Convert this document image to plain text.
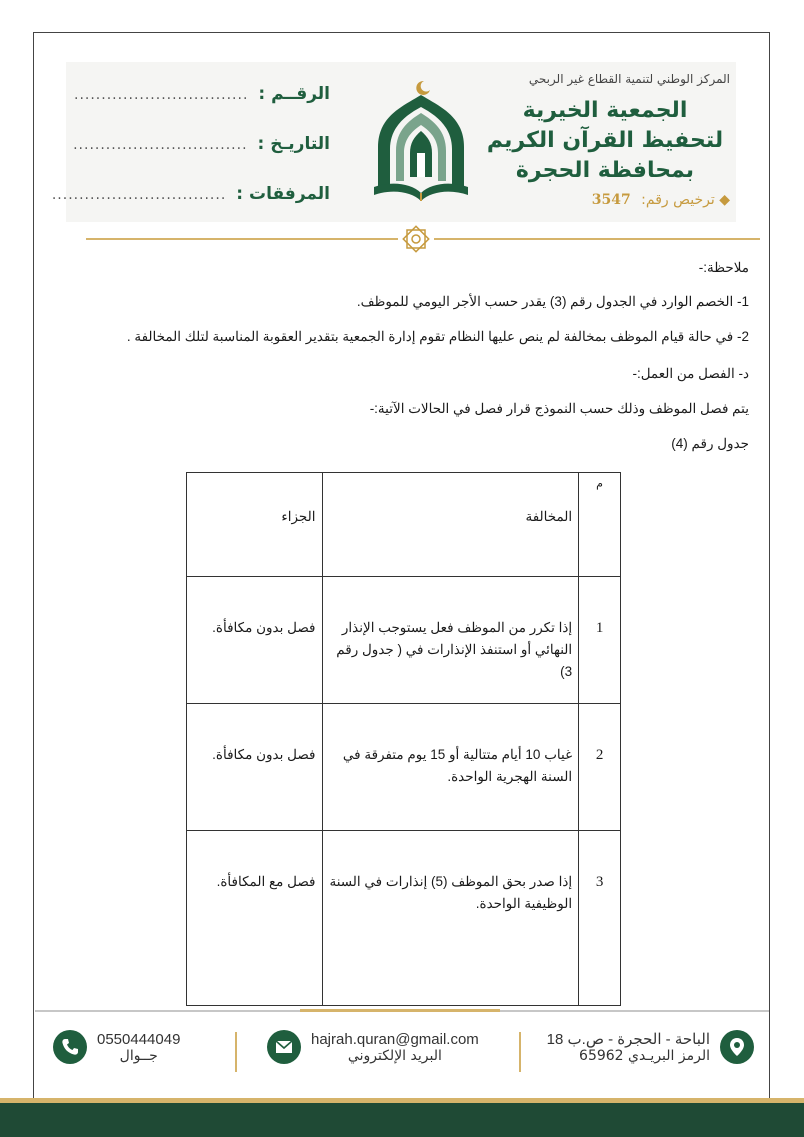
المركز الوطني لتنمية القطاع غير الربحي
الجمعية الخيرية
لتحفيظ القرآن الكريم
بمحافظة الحجرة
◆ ترخيص رقم: 3547
الرقــم :
................................
التاريـخ :
................................
المرفقات :
................................

ملاحظة:-

1- الخصم الوارد في الجدول رقم (3) يقدر حسب الأجر اليومي للموظف.

2- في حالة قيام الموظف بمخالفة لم ينص عليها النظام تقوم إدارة الجمعية بتقدير العقوبة المناسبة لتلك المخالفة .

د- الفصل من العمل:-

يتم فصل الموظف وذلك حسب النموذج قرار فصل في الحالات الآتية:-

جدول رقم (4)

م	المخالفة	الجزاء

1	إذا تكرر من الموظف فعل يستوجب الإنذار النهائي أو استنفذ الإنذارات في ( جدول رقم 3)	فصل بدون مكافأة.

2	غياب 10 أيام متتالية أو 15 يوم متفرقة في السنة الهجرية الواحدة.	فصل بدون مكافأة.

3	إذا صدر بحق الموظف (5) إنذارات في السنة الوظيفية الواحدة.	فصل مع المكافأة.
الباحة - الحجرة - ص.ب 18
الرمز البريـدي 65962
hajrah.quran@gmail.com
البريد الإلكتروني
0550444049
جــوال
